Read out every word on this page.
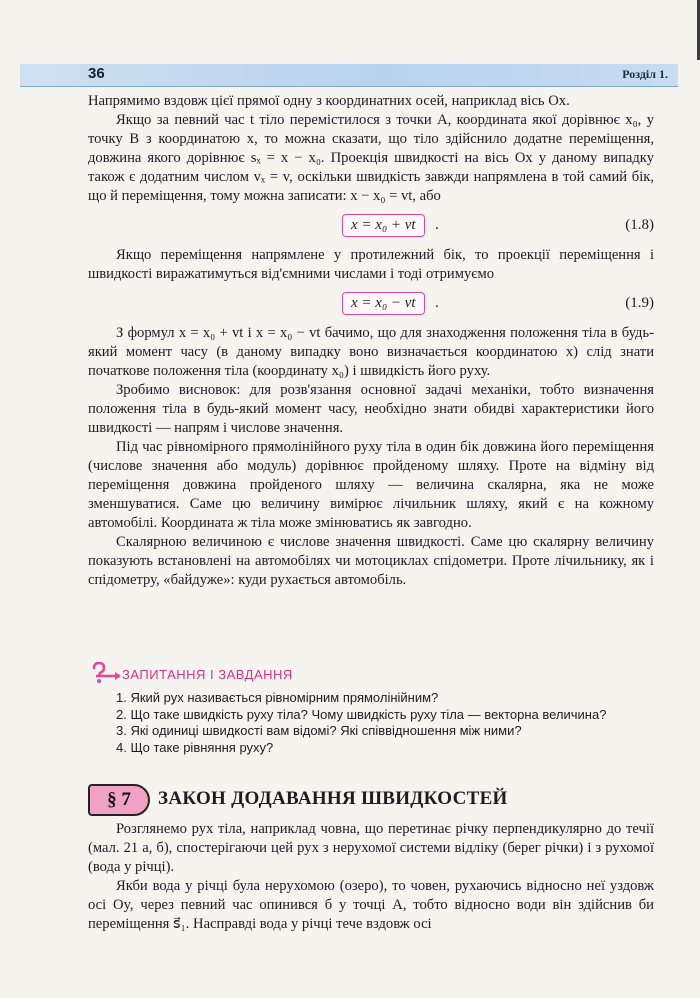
36	Розділ 1.

Напрямимо вздовж цієї прямої одну з координатних осей, наприклад вісь Ox.

Якщо за певний час t тіло перемістилося з точки A, координата якої дорівнює x₀, у точку B з координатою x, то можна сказати, що тіло здійснило додатне переміщення, довжина якого дорівнює sₓ = x − x₀. Проекція швидкості на вісь Ox у даному випадку також є додатним числом vₓ = v, оскільки швидкість завжди напрямлена в той самий бік, що й переміщення, тому можна записати: x − x₀ = vt, або

x = x₀ + vt	.	(1.8)

Якщо переміщення напрямлене у протилежний бік, то проекції переміщення і швидкості виражатимуться від'ємними числами і тоді отримуємо

x = x₀ − vt	.	(1.9)

З формул x = x₀ + vt і x = x₀ − vt бачимо, що для знаходження положення тіла в будь-який момент часу (в даному випадку воно визначається координатою x) слід знати початкове положення тіла (координату x₀) і швидкість його руху.

Зробимо висновок: для розв'язання основної задачі механіки, тобто визначення положення тіла в будь-який момент часу, необхідно знати обидві характеристики його швидкості — напрям і числове значення.

Під час рівномірного прямолінійного руху тіла в один бік довжина його переміщення (числове значення або модуль) дорівнює пройденому шляху. Проте на відміну від переміщення довжина пройденого шляху — величина скалярна, яка не може зменшуватися. Саме цю величину вимірює лічильник шляху, який є на кожному автомобілі. Координата ж тіла може змінюватись як завгодно.

Скалярною величиною є числове значення швидкості. Саме цю скалярну величину показують встановлені на автомобілях чи мотоциклах спідометри. Проте лічильнику, як і спідометру, «байдуже»: куди рухається автомобіль.

ЗАПИТАННЯ І ЗАВДАННЯ
1. Який рух називається рівномірним прямолінійним?
2. Що таке швидкість руху тіла? Чому швидкість руху тіла — векторна величина?
3. Які одиниці швидкості вам відомі? Які співвідношення між ними?
4. Що таке рівняння руху?
§ 7	ЗАКОН ДОДАВАННЯ ШВИДКОСТЕЙ

Розглянемо рух тіла, наприклад човна, що перетинає річку перпендикулярно до течії (мал. 21 а, б), спостерігаючи цей рух з нерухомої системи відліку (берег річки) і з рухомої (вода у річці).

Якби вода у річці була нерухомою (озеро), то човен, рухаючись відносно неї уздовж осі Oy, через певний час опинився б у точці A, тобто відносно води він здійснив би переміщення s⃗₁. Насправді вода у річці тече вздовж осі
